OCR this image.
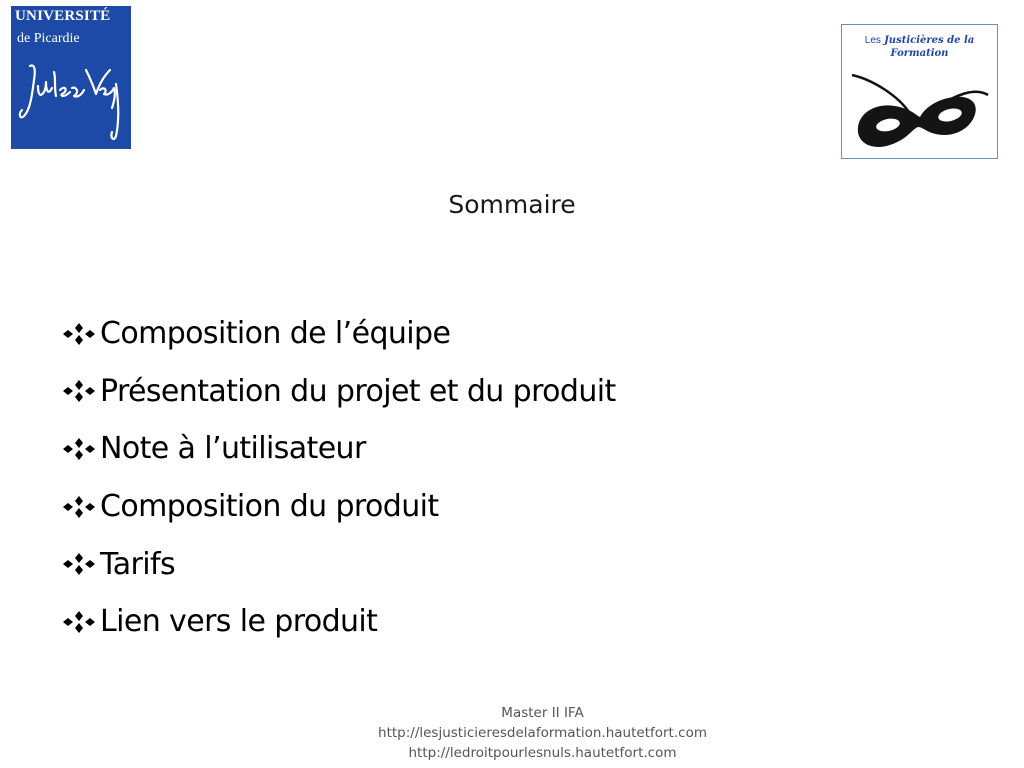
UNIVERSITÉ
de Picardie	Les Justicières de la
Formation
Sommaire
Composition de l’équipe
Présentation du projet et du produit
Note à l’utilisateur
Composition du produit
Tarifs
Lien vers le produit
Master II IFA
http://lesjusticieresdelaformation.hautetfort.com
http://ledroitpourlesnuls.hautetfort.com
